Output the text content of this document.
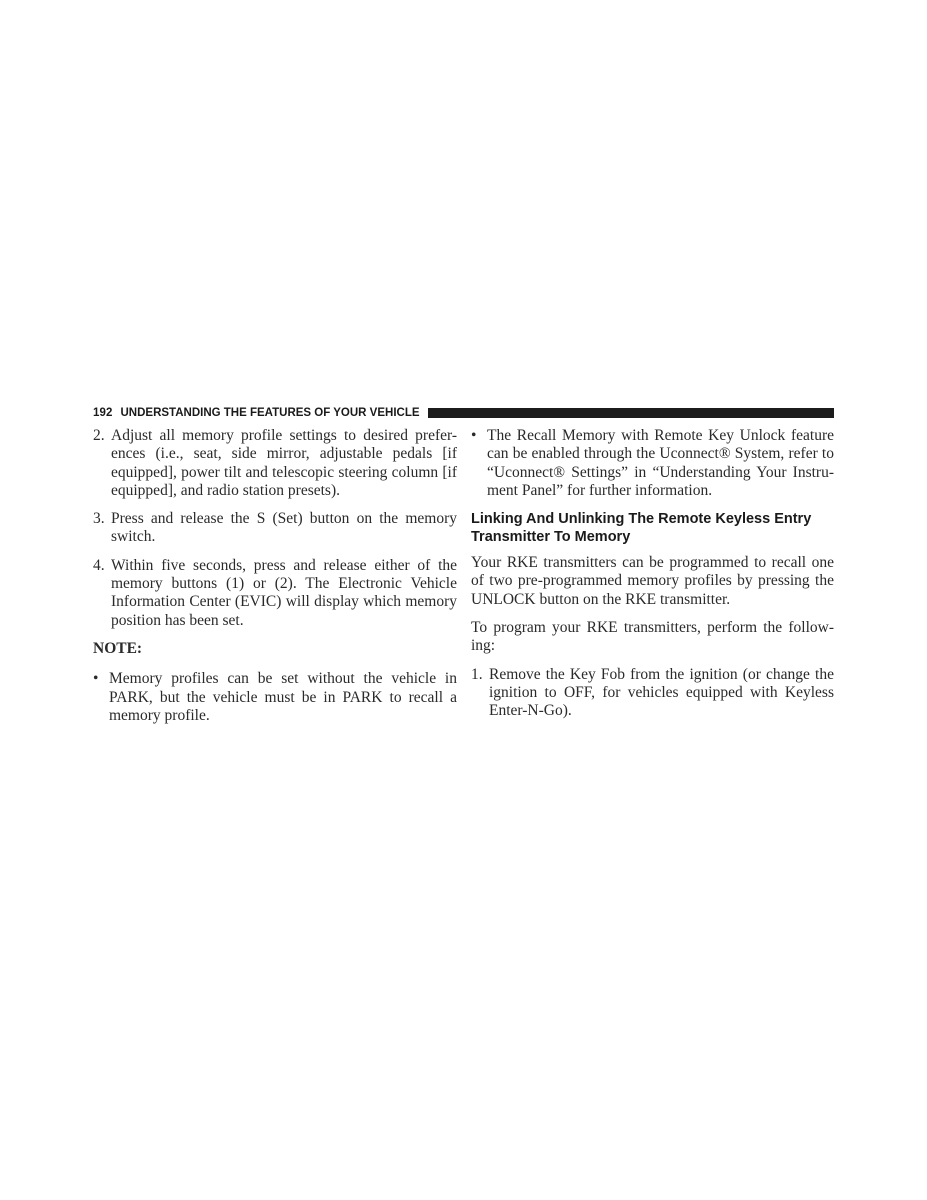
192 UNDERSTANDING THE FEATURES OF YOUR VEHICLE
2. Adjust all memory profile settings to desired prefer-ences (i.e., seat, side mirror, adjustable pedals [if equipped], power tilt and telescopic steering column [if equipped], and radio station presets).
3. Press and release the S (Set) button on the memory switch.
4. Within five seconds, press and release either of the memory buttons (1) or (2). The Electronic Vehicle Information Center (EVIC) will display which memory position has been set.
NOTE:
• Memory profiles can be set without the vehicle in PARK, but the vehicle must be in PARK to recall a memory profile.
• The Recall Memory with Remote Key Unlock feature can be enabled through the Uconnect® System, refer to “Uconnect® Settings” in “Understanding Your Instru-ment Panel” for further information.
Linking And Unlinking The Remote Keyless Entry Transmitter To Memory

Your RKE transmitters can be programmed to recall one of two pre-programmed memory profiles by pressing the UNLOCK button on the RKE transmitter.

To program your RKE transmitters, perform the follow-ing:

1. Remove the Key Fob from the ignition (or change the ignition to OFF, for vehicles equipped with Keyless Enter-N-Go).
